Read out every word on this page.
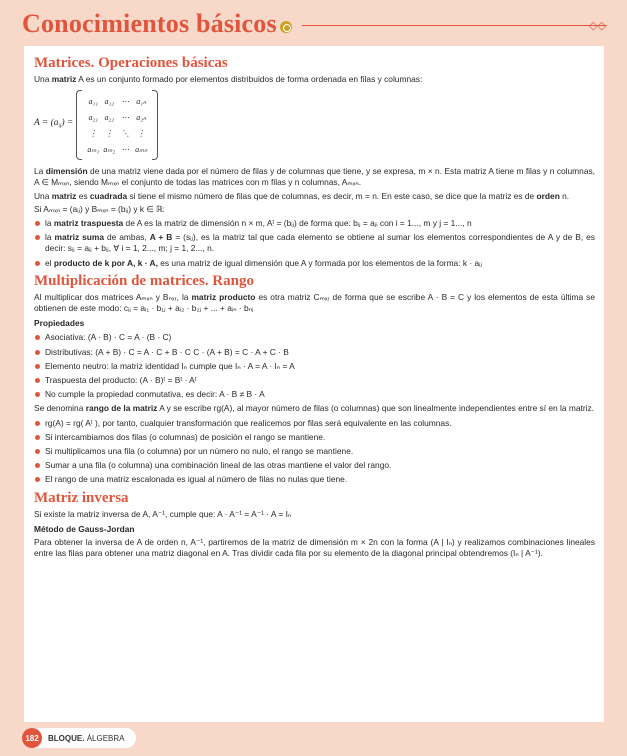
Conocimientos básicos	◇◇
Matrices. Operaciones básicas

Una matriz A es un conjunto formado por elementos distribuidos de forma ordenada en filas y columnas:

$A = (a_{ij})$ =
a₁₁ a₁₂ ⋯ a₁ₙ
a₂₁ a₂₂ ⋯ a₂ₙ
⋮ ⋮ ⋱ ⋮
aₘ₁ aₘ₂ ⋯ aₘₙ

La dimensión de una matriz viene dada por el número de filas y de columnas que tiene, y se expresa, m × n. Esta matriz A tiene m filas y n columnas, A ∈ Mₘₓₙ, siendo Mₘₓₙ el conjunto de todas las matrices con m filas y n columnas, Aₘₓₙ.

Una matriz es cuadrada si tiene el mismo número de filas que de columnas, es decir, m = n. En este caso, se dice que la matriz es de orden n.

Si Aₘₓₙ = (aᵢⱼ) y Bₘₓₙ = (bᵢⱼ) y k ∈ ℝ:

la matriz traspuesta de A es la matriz de dimensión n × m, Aᵗ = (bᵢⱼ) de forma que: bᵢⱼ = aⱼᵢ con i = 1..., m y j = 1..., n
la matriz suma de ambas, A + B = (sᵢⱼ), es la matriz tal que cada elemento se obtiene al sumar los elementos correspondientes de A y de B, es decir: sᵢⱼ = aᵢⱼ + bᵢⱼ, ∀ i = 1, 2..., m; j = 1, 2..., n.
el producto de k por A, k · A, es una matriz de igual dimensión que A y formada por los elementos de la forma: k · aᵢⱼ
Multiplicación de matrices. Rango

Al multiplicar dos matrices Aₘₓₙ y Bₙₓᵣ, la matriz producto es otra matriz Cₘₓᵣ de forma que se escribe A · B = C y los elementos de esta última se obtienen de este modo: cᵢⱼ = aᵢ₁ · b₁ⱼ + aᵢ₂ · b₂ⱼ + ... + aᵢₙ · bₙⱼ

Propiedades
Asociativa: (A · B) · C = A · (B · C)
Distributivas: (A + B) · C = A · C + B · C C · (A + B) = C · A + C · B
Elemento neutro: la matriz identidad Iₙ cumple que Iₙ · A = A · Iₙ = A
Traspuesta del producto: (A · B)ᵗ = Bᵗ · Aᵗ
No cumple la propiedad conmutativa, es decir: A · B ≠ B · A

Se denomina rango de la matriz A y se escribe rg(A), al mayor número de filas (o columnas) que son linealmente independientes entre sí en la matriz.

rg(A) = rg( Aᵗ ), por tanto, cualquier transformación que realicemos por filas será equivalente en las columnas.
Si intercambiamos dos filas (o columnas) de posición el rango se mantiene.
Si multiplicamos una fila (o columna) por un número no nulo, el rango se mantiene.
Sumar a una fila (o columna) una combinación lineal de las otras mantiene el valor del rango.
El rango de una matriz escalonada es igual al número de filas no nulas que tiene.
Matriz inversa

Si existe la matriz inversa de A, A⁻¹, cumple que: A · A⁻¹ = A⁻¹ · A = Iₙ

Método de Gauss-Jordan

Para obtener la inversa de A de orden n, A⁻¹, partiremos de la matriz de dimensión m × 2n con la forma (A | Iₙ) y realizamos combinaciones lineales entre las filas para obtener una matriz diagonal en A. Tras dividir cada fila por su elemento de la diagonal principal obtendremos (Iₙ | A⁻¹).

182	BLOQUE. ÁLGEBRA
